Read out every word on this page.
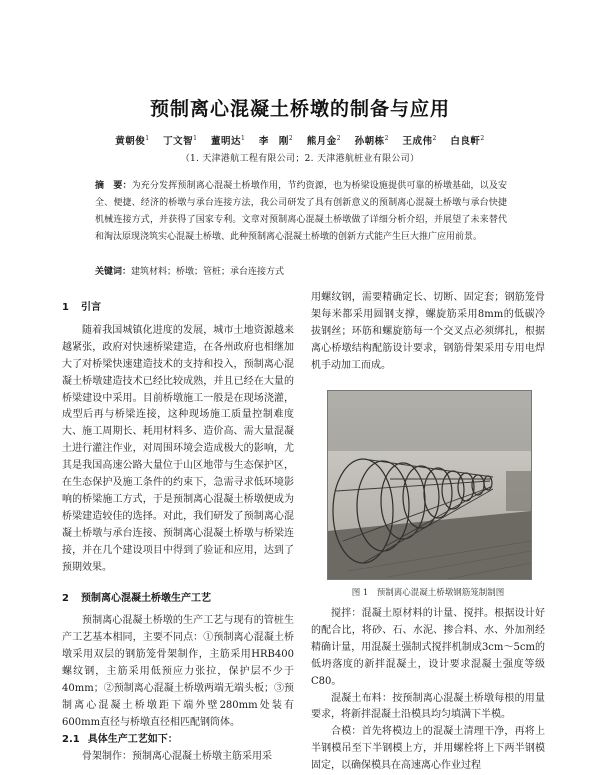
预制离心混凝土桥墩的制备与应用
黄朝俊$^1$ 丁文智$^1$ 董明达$^1$ 李　刚$^2$ 熊月金$^2$ 孙朝栋$^2$ 王成伟$^2$ 白良軒$^2$
（1. 天津港航工程有限公司；2. 天津港航桩业有限公司）
摘　要：为充分发挥预制离心混凝土桥墩作用，节约资源，也为桥梁设施提供可靠的桥墩基础，以及安全、便捷、经济的桥墩与承台连接方法，我公司研发了具有创新意义的预制离心混凝土桥墩与承台快捷机械连接方式，并获得了国家专利。文章对预制离心混凝土桥墩做了详细分析介绍，并展望了未来替代和淘汰原现浇筑实心混凝土桥墩、此种预制离心混凝土桥墩的创新方式能产生巨大推广应用前景。
关键词：建筑材料；桥墩；管桩；承台连接方式
1 引言

随着我国城镇化进度的发展，城市土地资源越来越紧张，政府对快速桥梁建造，在各州政府也相继加大了对桥梁快速建造技术的支持和投入，预制离心混凝土桥墩建造技术已经比较成熟，并且已经在大量的桥梁建设中采用。目前桥墩施工一般是在现场浇灌，成型后再与桥梁连接，这种现场施工质量控制难度大、施工周期长、耗用材料多、造价高、需大量混凝土进行灌注作业，对周围环境会造成极大的影响，尤其是我国高速公路大量位于山区地带与生态保护区，在生态保护及施工条件的约束下，急需寻求低环境影响的桥梁施工方式，于是预制离心混凝土桥墩便成为桥梁建造较佳的选择。对此，我们研发了预制离心混凝土桥墩与承台连接、预制离心混凝土桥墩与桥梁连接，并在几个建设项目中得到了验证和应用，达到了预期效果。

2 预制离心混凝土桥墩生产工艺

预制离心混凝土桥墩的生产工艺与现有的管桩生产工艺基本相同，主要不同点：①预制离心混凝土桥墩采用双层的钢筋笼骨架制作，主筋采用HRB400螺纹钢，主筋采用低预应力张拉，保护层不少于40mm；②预制离心混凝土桥墩两端无端头板；③预制离心混凝土桥墩距下端外壁280mm处装有600mm直径与桥墩直径相匹配钢筒体。

2.1 具体生产工艺如下：

骨架制作：预制离心混凝土桥墩主筋采用采

用螺纹钢，需要精确定长、切断、固定套；钢筋笼骨架每米都采用圆钢支撑，螺旋筋采用8mm的低碳冷拔钢丝；环筋和螺旋筋每一个交叉点必须绑扎，根据离心桥墩结构配筋设计要求，钢筋骨架采用专用电焊机手动加工而成。

图 1　预制离心混凝土桥墩钢筋笼制制图

搅拌：混凝土原材料的计量、搅拌。根据设计好的配合比，将砂、石、水泥、掺合料、水、外加剂经精确计量，用混凝土强制式搅拌机制成3cm～5cm的低坍落度的新拌混凝土，设计要求混凝土强度等级C80。

混凝土布料：按预制离心混凝土桥墩每根的用量要求，将新拌混凝土沿模具均匀填满下半模。

合模：首先将模边上的混凝土清理干净，再将上半钢模吊至下半钢模上方，并用螺栓将上下两半钢模固定，以确保模具在高速离心作业过程
